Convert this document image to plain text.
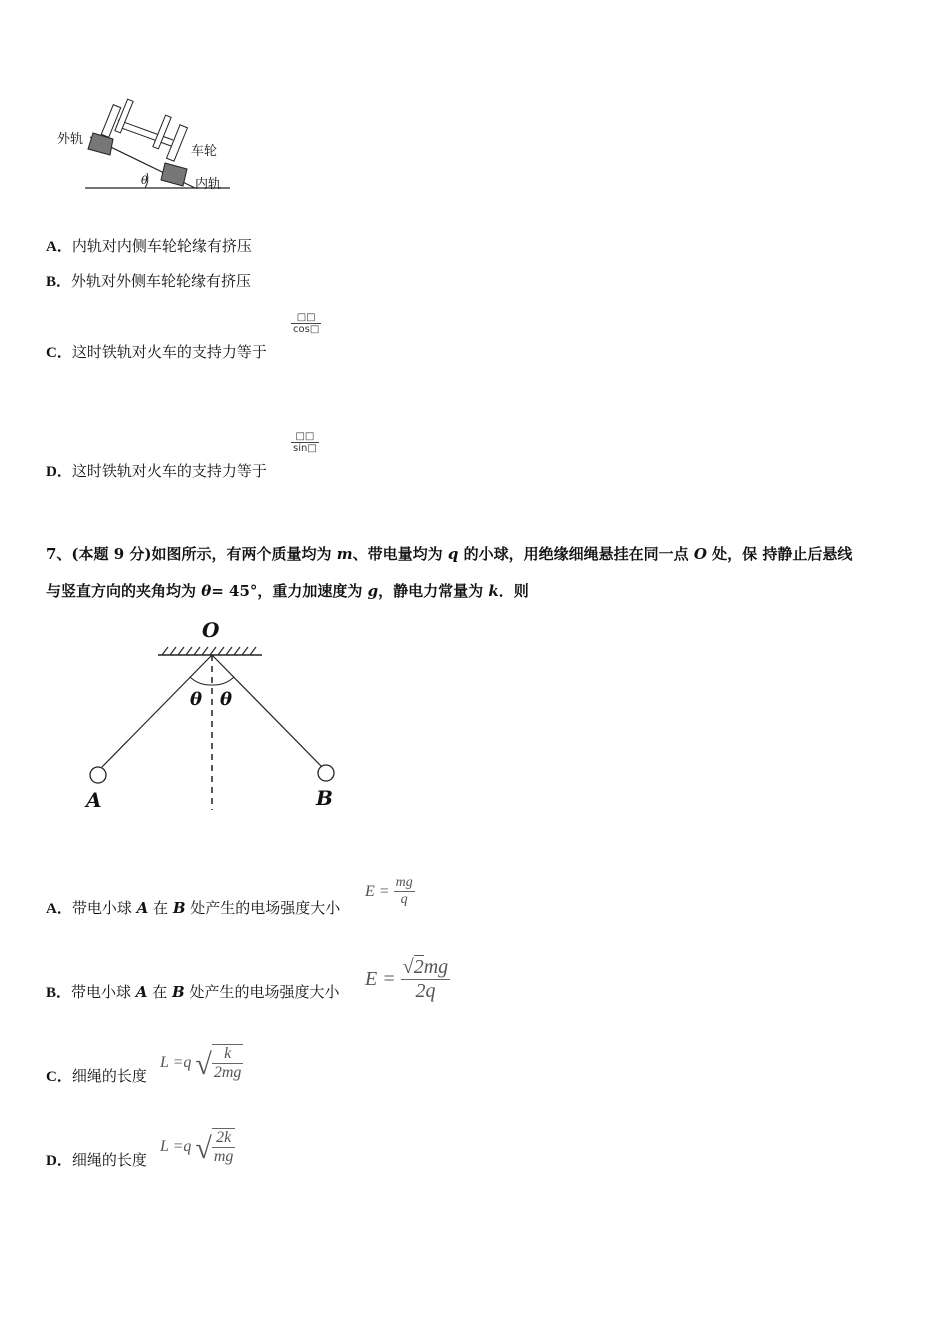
外轨
车轮
内轨
θ
A．内轨对内侧车轮轮缘有挤压
B．外轨对外侧车轮轮缘有挤压
C．这时铁轨对火车的支持力等于
□□
cos□
D．这时铁轨对火车的支持力等于
□□
sin□
7、(本题 9 分)如图所示，有两个质量均为 m、带电量均为 q 的小球，用绝缘细绳悬挂在同一点 O 处，保 持静止后悬线
与竖直方向的夹角均为 θ= 45°，重力加速度为 g，静电力常量为 k．则
O
θ θ
A	B
A．带电小球 A 在 B 处产生的电场强度大小
$E = \frac{mg}{q}$
B．带电小球 A 在 B 处产生的电场强度大小
$E = \frac{√2mg}{2q}$
C．细绳的长度
L =q √ $\frac{k}{2mg}$
D．细绳的长度
L =q √ $\frac{2k}{mg}$
